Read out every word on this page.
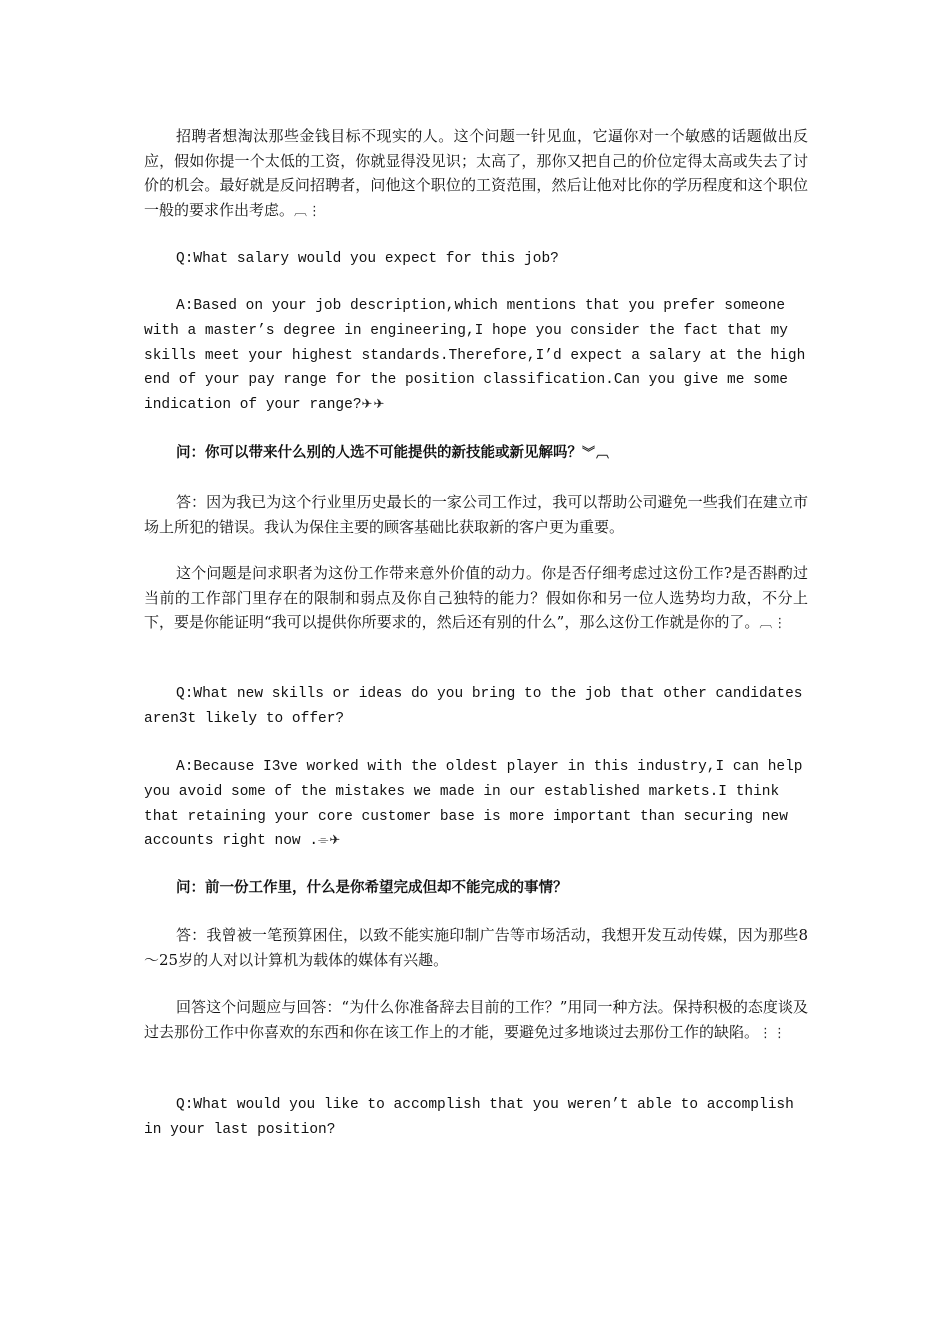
招聘者想淘汰那些金钱目标不现实的人。这个问题一针见血，它逼你对一个敏感的话题做出反应，假如你提一个太低的工资，你就显得没见识；太高了，那你又把自己的价位定得太高或失去了讨价的机会。最好就是反问招聘者，问他这个职位的工资范围，然后让他对比你的学历程度和这个职位一般的要求作出考虑。︹⋮

Q:What salary would you expect for this job?

A:Based on your job description,which mentions that you prefer someone with a master’s degree in engineering,I hope you consider the fact that my skills meet your highest standards.Therefore,I’d expect a salary at the high end of your pay range for the position classification.Can you give me some indication of your range?✈✈

问：你可以带来什么别的人选不可能提供的新技能或新见解吗？︾︹

答：因为我已为这个行业里历史最长的一家公司工作过，我可以帮助公司避免一些我们在建立市场上所犯的错误。我认为保住主要的顾客基础比获取新的客户更为重要。

这个问题是问求职者为这份工作带来意外价值的动力。你是否仔细考虑过这份工作?是否斟酌过当前的工作部门里存在的限制和弱点及你自己独特的能力？假如你和另一位人选势均力敌，不分上下，要是你能证明“我可以提供你所要求的，然后还有别的什么”，那么这份工作就是你的了。︹⋮

Q:What new skills or ideas do you bring to the job that other candidates aren3t likely to offer?

A:Because I3ve worked with the oldest player in this industry,I can help you avoid some of the mistakes we made in our established markets.I think that retaining your core customer base is more important than securing new accounts right now .⌯✈

问：前一份工作里，什么是你希望完成但却不能完成的事情？

答：我曾被一笔预算困住，以致不能实施印制广告等市场活动，我想开发互动传媒，因为那些8～25岁的人对以计算机为载体的媒体有兴趣。

回答这个问题应与回答：“为什么你准备辞去目前的工作？”用同一种方法。保持积极的态度谈及过去那份工作中你喜欢的东西和你在该工作上的才能，要避免过多地谈过去那份工作的缺陷。⋮⋮

Q:What would you like to accomplish that you weren’t able to accomplish in your last position?
